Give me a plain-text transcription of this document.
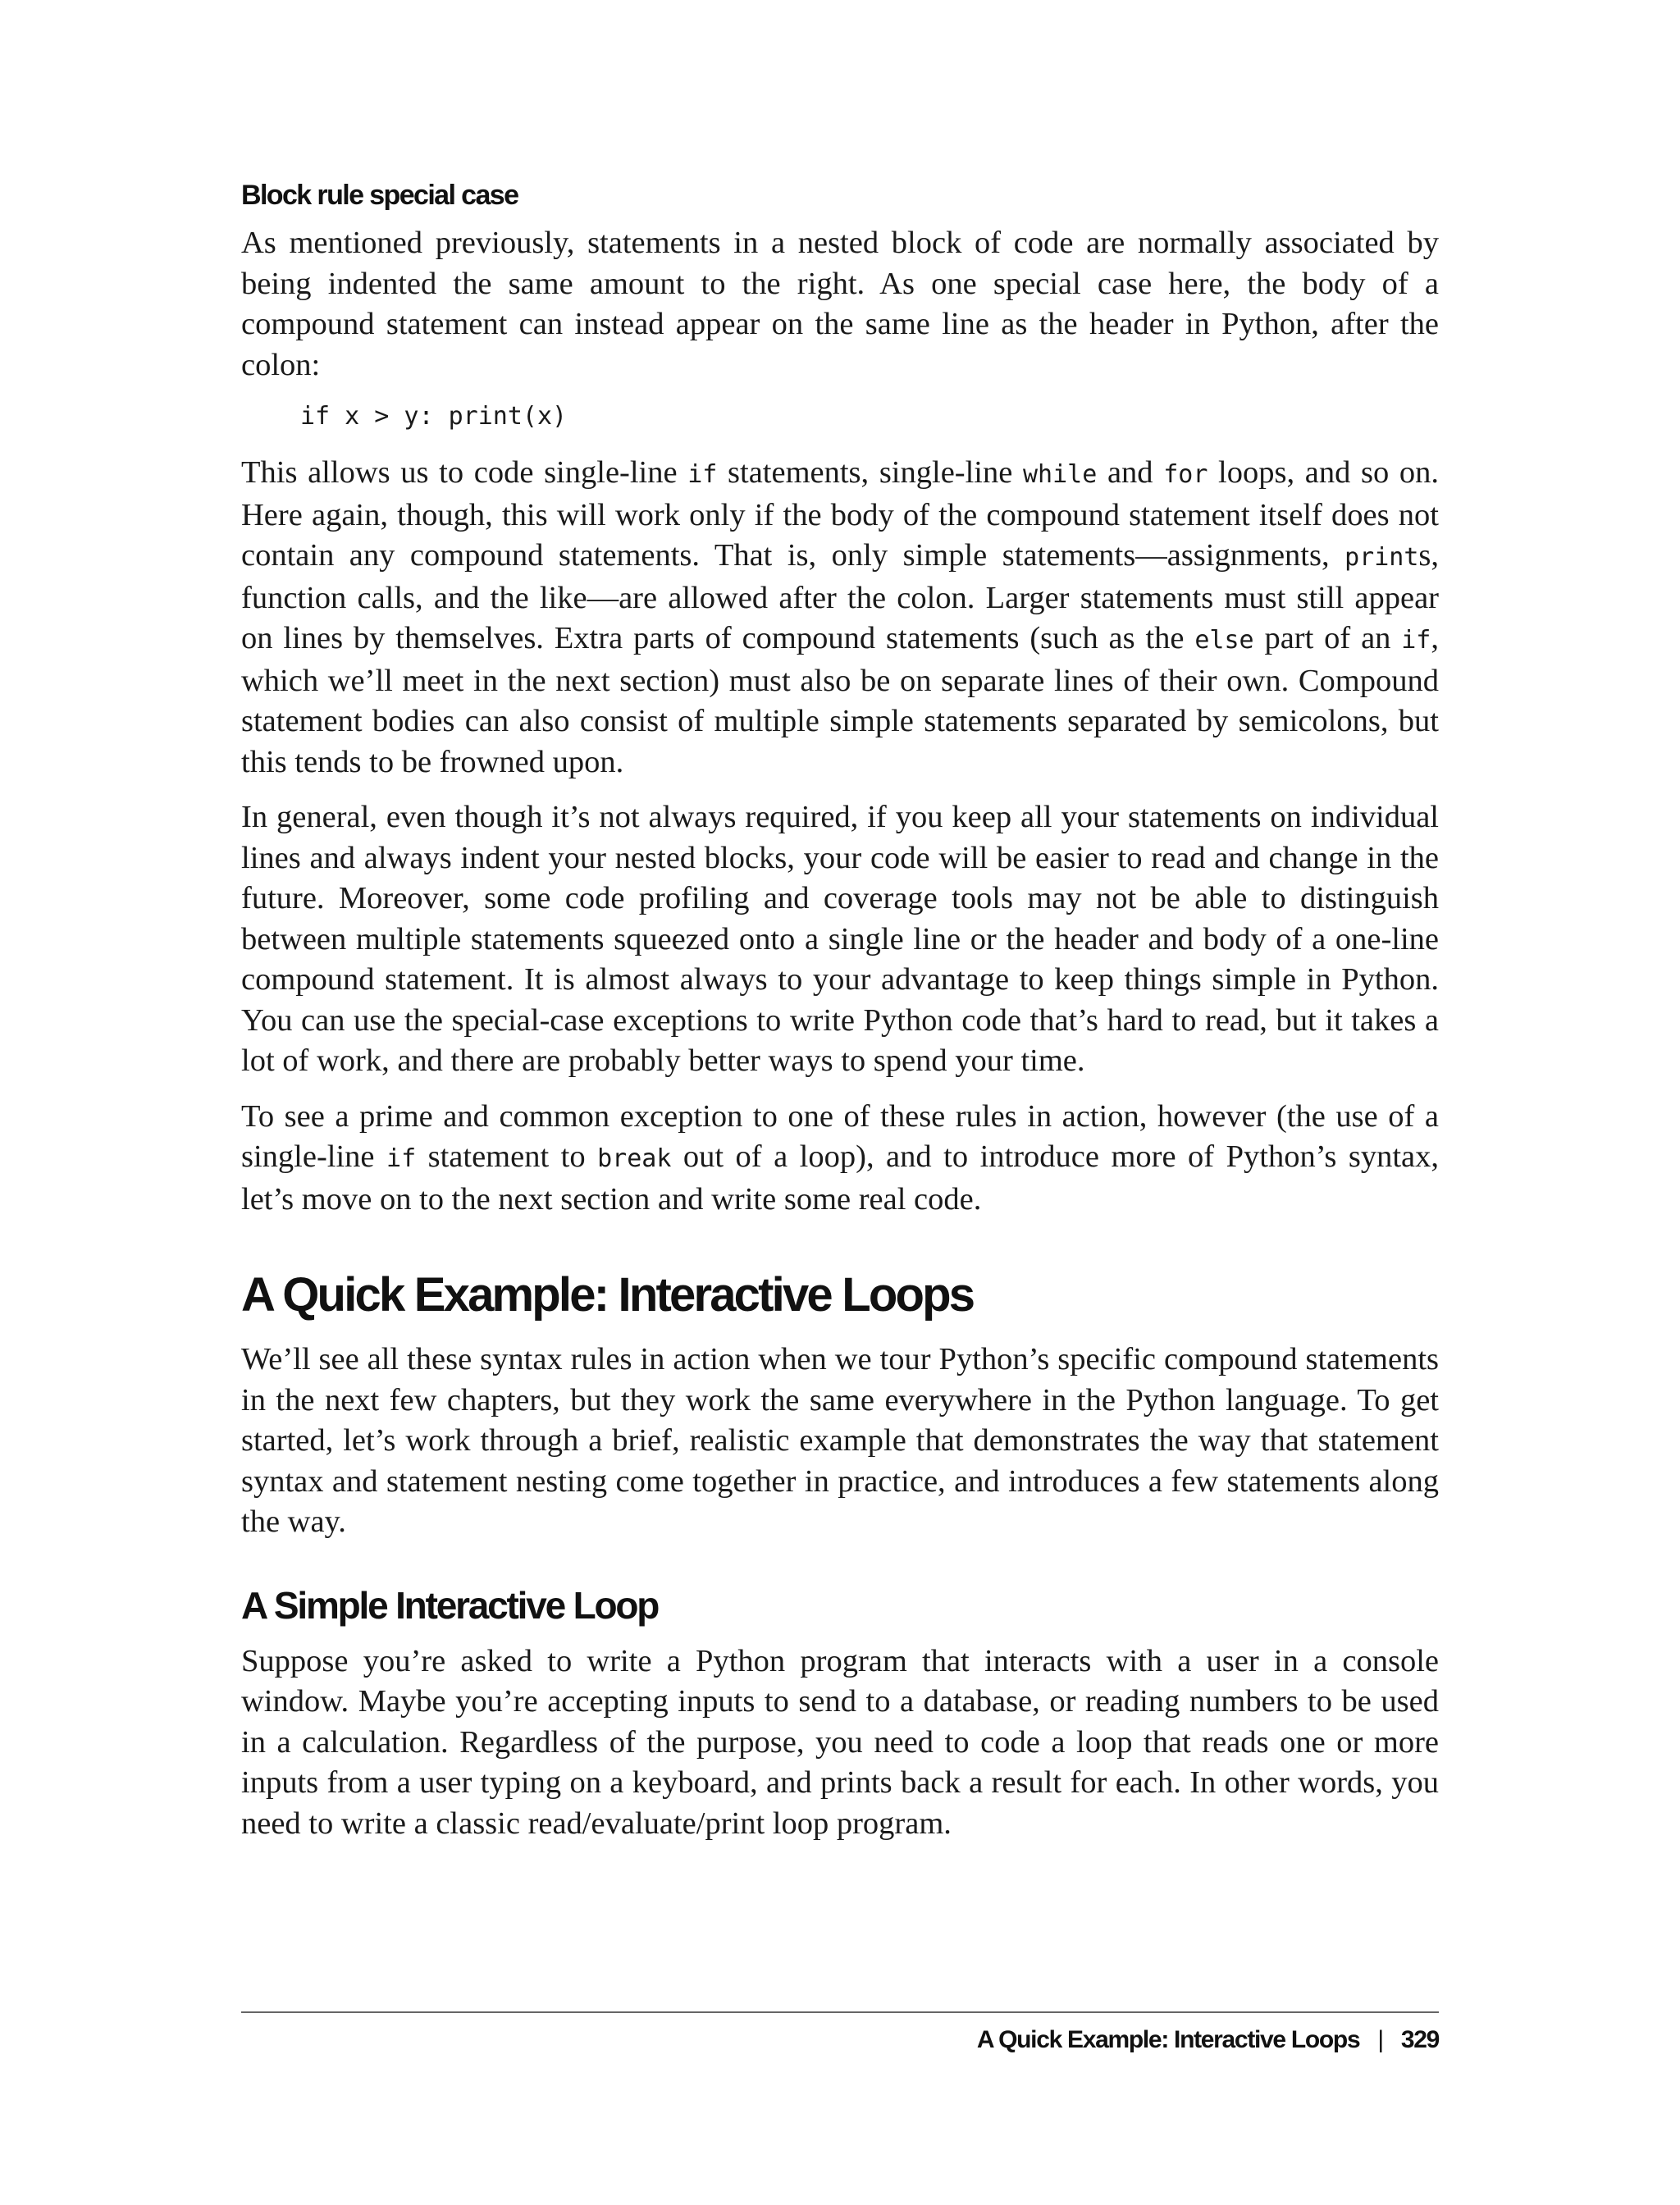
Block rule special case

As mentioned previously, statements in a nested block of code are normally associated by being indented the same amount to the right. As one special case here, the body of a compound statement can instead appear on the same line as the header in Python, after the colon:

if x > y: print(x)

This allows us to code single-line if statements, single-line while and for loops, and so on. Here again, though, this will work only if the body of the compound statement itself does not contain any compound statements. That is, only simple statements—assignments, prints, function calls, and the like—are allowed after the colon. Larger statements must still appear on lines by themselves. Extra parts of compound statements (such as the else part of an if, which we’ll meet in the next section) must also be on separate lines of their own. Compound statement bodies can also consist of multiple simple statements separated by semicolons, but this tends to be frowned upon.

In general, even though it’s not always required, if you keep all your statements on individual lines and always indent your nested blocks, your code will be easier to read and change in the future. Moreover, some code profiling and coverage tools may not be able to distinguish between multiple statements squeezed onto a single line or the header and body of a one-line compound statement. It is almost always to your advantage to keep things simple in Python. You can use the special-case exceptions to write Python code that’s hard to read, but it takes a lot of work, and there are probably better ways to spend your time.

To see a prime and common exception to one of these rules in action, however (the use of a single-line if statement to break out of a loop), and to introduce more of Python’s syntax, let’s move on to the next section and write some real code.

A Quick Example: Interactive Loops

We’ll see all these syntax rules in action when we tour Python’s specific compound statements in the next few chapters, but they work the same everywhere in the Python language. To get started, let’s work through a brief, realistic example that demonstrates the way that statement syntax and statement nesting come together in practice, and introduces a few statements along the way.

A Simple Interactive Loop

Suppose you’re asked to write a Python program that interacts with a user in a console window. Maybe you’re accepting inputs to send to a database, or reading numbers to be used in a calculation. Regardless of the purpose, you need to code a loop that reads one or more inputs from a user typing on a keyboard, and prints back a result for each. In other words, you need to write a classic read/evaluate/print loop program.

A Quick Example: Interactive Loops | 329
